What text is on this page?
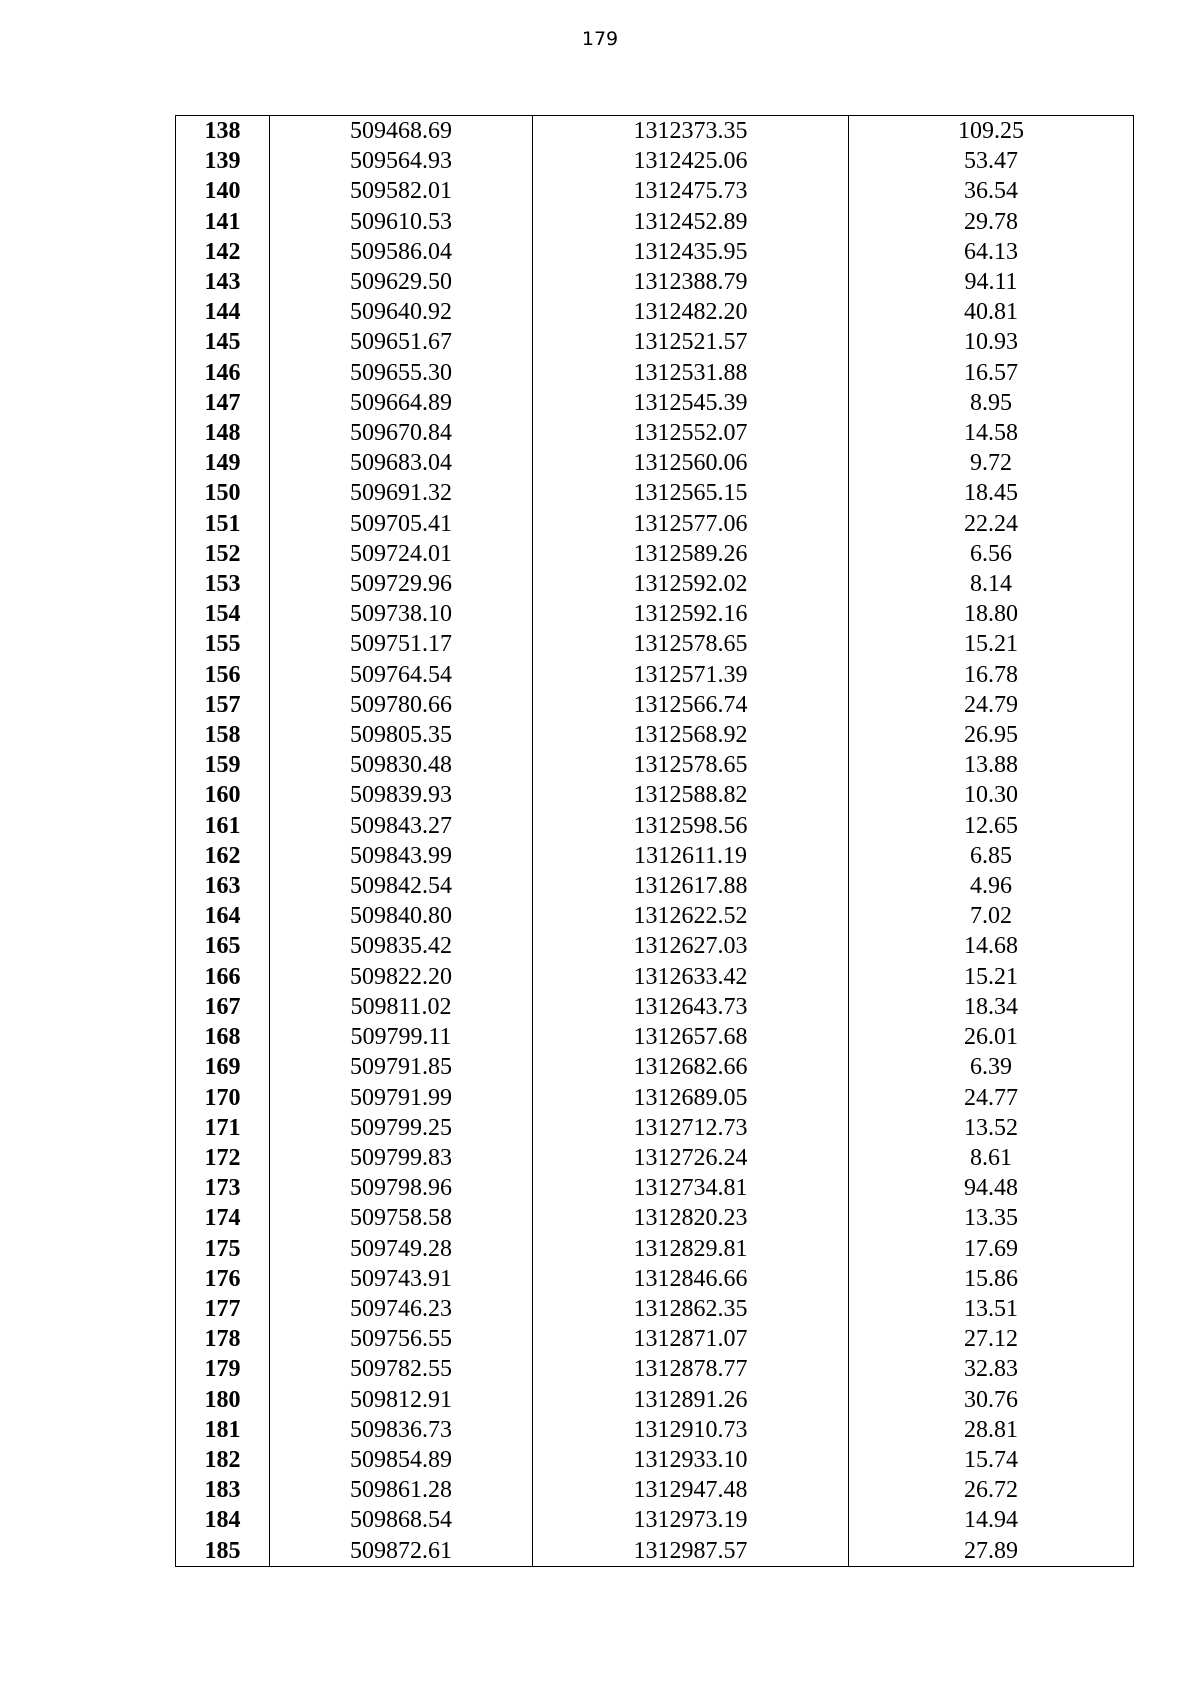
179
138	509468.69	1312373.35	109.25
139	509564.93	1312425.06	53.47
140	509582.01	1312475.73	36.54
141	509610.53	1312452.89	29.78
142	509586.04	1312435.95	64.13
143	509629.50	1312388.79	94.11
144	509640.92	1312482.20	40.81
145	509651.67	1312521.57	10.93
146	509655.30	1312531.88	16.57
147	509664.89	1312545.39	8.95
148	509670.84	1312552.07	14.58
149	509683.04	1312560.06	9.72
150	509691.32	1312565.15	18.45
151	509705.41	1312577.06	22.24
152	509724.01	1312589.26	6.56
153	509729.96	1312592.02	8.14
154	509738.10	1312592.16	18.80
155	509751.17	1312578.65	15.21
156	509764.54	1312571.39	16.78
157	509780.66	1312566.74	24.79
158	509805.35	1312568.92	26.95
159	509830.48	1312578.65	13.88
160	509839.93	1312588.82	10.30
161	509843.27	1312598.56	12.65
162	509843.99	1312611.19	6.85
163	509842.54	1312617.88	4.96
164	509840.80	1312622.52	7.02
165	509835.42	1312627.03	14.68
166	509822.20	1312633.42	15.21
167	509811.02	1312643.73	18.34
168	509799.11	1312657.68	26.01
169	509791.85	1312682.66	6.39
170	509791.99	1312689.05	24.77
171	509799.25	1312712.73	13.52
172	509799.83	1312726.24	8.61
173	509798.96	1312734.81	94.48
174	509758.58	1312820.23	13.35
175	509749.28	1312829.81	17.69
176	509743.91	1312846.66	15.86
177	509746.23	1312862.35	13.51
178	509756.55	1312871.07	27.12
179	509782.55	1312878.77	32.83
180	509812.91	1312891.26	30.76
181	509836.73	1312910.73	28.81
182	509854.89	1312933.10	15.74
183	509861.28	1312947.48	26.72
184	509868.54	1312973.19	14.94
185	509872.61	1312987.57	27.89
